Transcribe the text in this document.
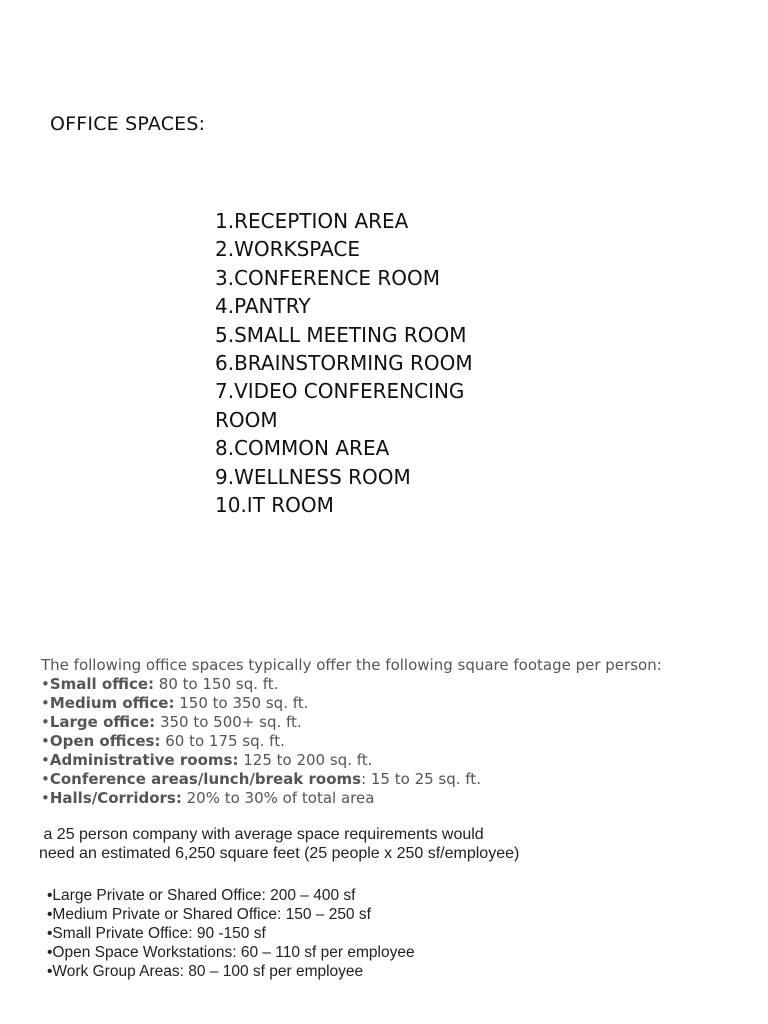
OFFICE SPACES:
1.RECEPTION AREA
2.WORKSPACE
3.CONFERENCE ROOM
4.PANTRY
5.SMALL MEETING ROOM
6.BRAINSTORMING ROOM
7.VIDEO CONFERENCING
ROOM
8.COMMON AREA
9.WELLNESS ROOM
10.IT ROOM
The following office spaces typically offer the following square footage per person:
•Small office: 80 to 150 sq. ft.
•Medium office: 150 to 350 sq. ft.
•Large office: 350 to 500+ sq. ft.
•Open offices: 60 to 175 sq. ft.
•Administrative rooms: 125 to 200 sq. ft.
•Conference areas/lunch/break rooms: 15 to 25 sq. ft.
•Halls/Corridors: 20% to 30% of total area
a 25 person company with average space requirements would
need an estimated 6,250 square feet (25 people x 250 sf/employee)
•Large Private or Shared Office: 200 – 400 sf
•Medium Private or Shared Office: 150 – 250 sf
•Small Private Office: 90 -150 sf
•Open Space Workstations: 60 – 110 sf per employee
•Work Group Areas: 80 – 100 sf per employee
